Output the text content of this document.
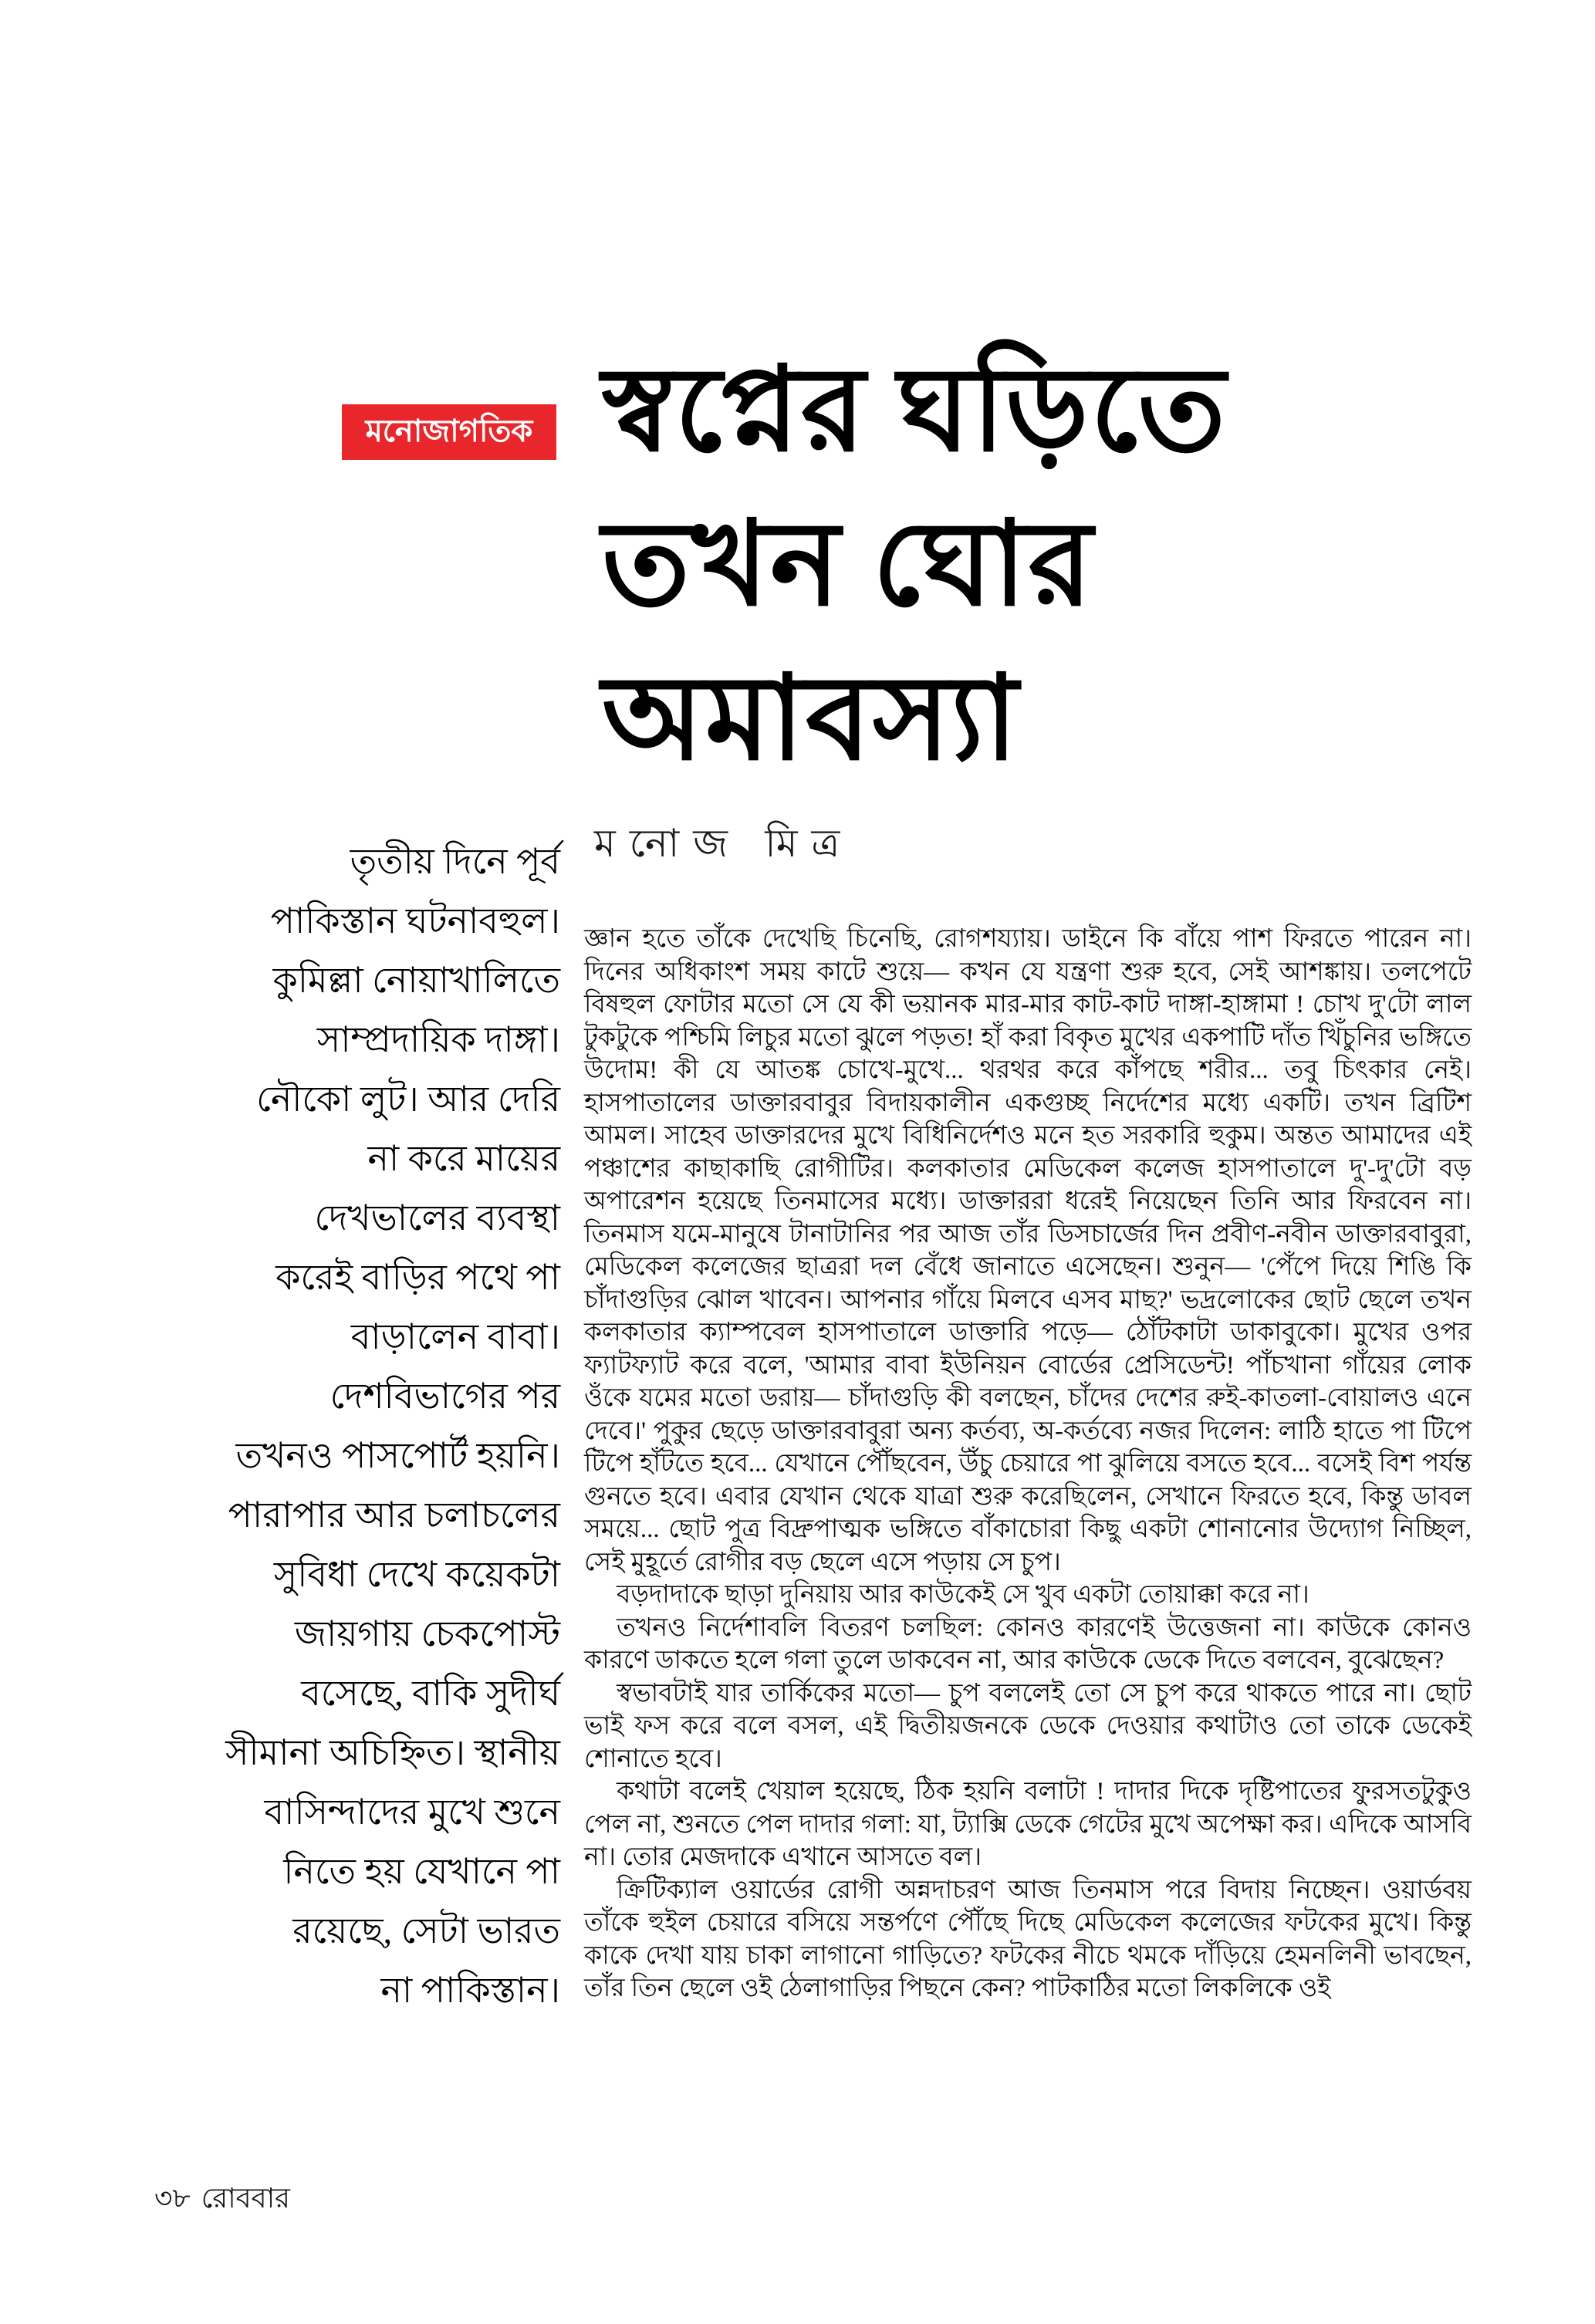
মনোজাগতিক স্বপ্নের ঘড়িতে
তখন ঘোর
অমাবস্যা
মনোজ মিত্র
তৃতীয় দিনে পূর্ব
পাকিস্তান ঘটনাবহুল।
কুমিল্লা নোয়াখালিতে
সাম্প্রদায়িক দাঙ্গা।
নৌকো লুট। আর দেরি
না করে মায়ের
দেখভালের ব্যবস্থা
করেই বাড়ির পথে পা
বাড়ালেন বাবা।
দেশবিভাগের পর
তখনও পাসপোর্ট হয়নি।
পারাপার আর চলাচলের
সুবিধা দেখে কয়েকটা
জায়গায় চেকপোস্ট
বসেছে, বাকি সুদীর্ঘ
সীমানা অচিহ্নিত। স্থানীয়
বাসিন্দাদের মুখে শুনে
নিতে হয় যেখানে পা
রয়েছে, সেটা ভারত
না পাকিস্তান।

জ্ঞান হতে তাঁকে দেখেছি চিনেছি, রোগশয্যায়। ডাইনে কি বাঁয়ে পাশ ফিরতে পারেন না। দিনের অধিকাংশ সময় কাটে শুয়ে— কখন যে যন্ত্রণা শুরু হবে, সেই আশঙ্কায়। তলপেটে বিষহুল ফোটার মতো সে যে কী ভয়ানক মার-মার কাট-কাট দাঙ্গা-হাঙ্গামা ! চোখ দু'টো লাল টুকটুকে পশ্চিমি লিচুর মতো ঝুলে পড়ত! হাঁ করা বিকৃত মুখের একপাটি দাঁত খিঁচুনির ভঙ্গিতে উদোম! কী যে আতঙ্ক চোখে-মুখে... থরথর করে কাঁপছে শরীর... তবু চিৎকার নেই। হাসপাতালের ডাক্তারবাবুর বিদায়কালীন একগুচ্ছ নির্দেশের মধ্যে একটি। তখন ব্রিটিশ আমল। সাহেব ডাক্তারদের মুখে বিধিনির্দেশও মনে হত সরকারি হুকুম। অন্তত আমাদের এই পঞ্চাশের কাছাকাছি রোগীটির। কলকাতার মেডিকেল কলেজ হাসপাতালে দু'-দু'টো বড় অপারেশন হয়েছে তিনমাসের মধ্যে। ডাক্তাররা ধরেই নিয়েছেন তিনি আর ফিরবেন না। তিনমাস যমে-মানুষে টানাটানির পর আজ তাঁর ডিসচার্জের দিন প্রবীণ-নবীন ডাক্তারবাবুরা, মেডিকেল কলেজের ছাত্ররা দল বেঁধে জানাতে এসেছেন। শুনুন— 'পেঁপে দিয়ে শিঙি কি চাঁদাগুড়ির ঝোল খাবেন। আপনার গাঁয়ে মিলবে এসব মাছ?' ভদ্রলোকের ছোট ছেলে তখন কলকাতার ক্যাম্পবেল হাসপাতালে ডাক্তারি পড়ে— ঠোঁটকাটা ডাকাবুকো। মুখের ওপর ফ্যাটফ্যাট করে বলে, 'আমার বাবা ইউনিয়ন বোর্ডের প্রেসিডেন্ট! পাঁচখানা গাঁয়ের লোক ওঁকে যমের মতো ডরায়— চাঁদাগুড়ি কী বলছেন, চাঁদের দেশের রুই-কাতলা-বোয়ালও এনে দেবে।' পুকুর ছেড়ে ডাক্তারবাবুরা অন্য কর্তব্য, অ-কর্তব্যে নজর দিলেন: লাঠি হাতে পা টিপে টিপে হাঁটতে হবে... যেখানে পৌঁছবেন, উঁচু চেয়ারে পা ঝুলিয়ে বসতে হবে... বসেই বিশ পর্যন্ত গুনতে হবে। এবার যেখান থেকে যাত্রা শুরু করেছিলেন, সেখানে ফিরতে হবে, কিন্তু ডাবল সময়ে... ছোট পুত্র বিদ্রুপাত্মক ভঙ্গিতে বাঁকাচোরা কিছু একটা শোনানোর উদ্যোগ নিচ্ছিল, সেই মুহূর্তে রোগীর বড় ছেলে এসে পড়ায় সে চুপ।

বড়দাদাকে ছাড়া দুনিয়ায় আর কাউকেই সে খুব একটা তোয়াক্কা করে না।

তখনও নির্দেশাবলি বিতরণ চলছিল: কোনও কারণেই উত্তেজনা না। কাউকে কোনও কারণে ডাকতে হলে গলা তুলে ডাকবেন না, আর কাউকে ডেকে দিতে বলবেন, বুঝেছেন?

স্বভাবটাই যার তার্কিকের মতো— চুপ বললেই তো সে চুপ করে থাকতে পারে না। ছোট ভাই ফস করে বলে বসল, এই দ্বিতীয়জনকে ডেকে দেওয়ার কথাটাও তো তাকে ডেকেই শোনাতে হবে।

কথাটা বলেই খেয়াল হয়েছে, ঠিক হয়নি বলাটা ! দাদার দিকে দৃষ্টিপাতের ফুরসতটুকুও পেল না, শুনতে পেল দাদার গলা: যা, ট্যাক্সি ডেকে গেটের মুখে অপেক্ষা কর। এদিকে আসবি না। তোর মেজদাকে এখানে আসতে বল।

ক্রিটিক্যাল ওয়ার্ডের রোগী অন্নদাচরণ আজ তিনমাস পরে বিদায় নিচ্ছেন। ওয়ার্ডবয় তাঁকে হুইল চেয়ারে বসিয়ে সন্তর্পণে পৌঁছে দিছে মেডিকেল কলেজের ফটকের মুখে। কিন্তু কাকে দেখা যায় চাকা লাগানো গাড়িতে? ফটকের নীচে থমকে দাঁড়িয়ে হেমনলিনী ভাবছেন, তাঁর তিন ছেলে ওই ঠেলাগাড়ির পিছনে কেন? পাটকাঠির মতো লিকলিকে ওই

৩৮ রোববার
